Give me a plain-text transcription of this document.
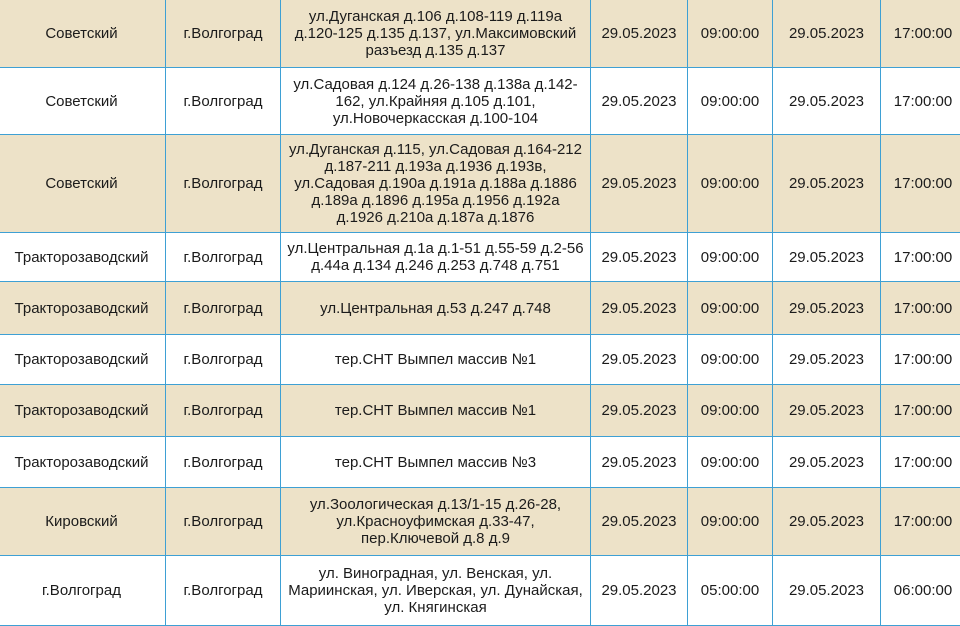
Советский	г.Волгоград	ул.Дуганская д.106 д.108-119 д.119а д.120-125 д.135 д.137, ул.Максимовский разъезд д.135 д.137	29.05.2023	09:00:00	29.05.2023	17:00:00
Советский	г.Волгоград	ул.Садовая д.124 д.26-138 д.138а д.142-162, ул.Крайняя д.105 д.101, ул.Новочеркасская д.100-104	29.05.2023	09:00:00	29.05.2023	17:00:00
Советский	г.Волгоград	ул.Дуганская д.115, ул.Садовая д.164-212 д.187-211 д.193а д.1936 д.193в, ул.Садовая д.190а д.191а д.188а д.1886 д.189а д.1896 д.195а д.1956 д.192а д.1926 д.210а д.187а д.1876	29.05.2023	09:00:00	29.05.2023	17:00:00
Тракторозаводский	г.Волгоград	ул.Центральная д.1а д.1-51 д.55-59 д.2-56 д.44а д.134 д.246 д.253 д.748 д.751	29.05.2023	09:00:00	29.05.2023	17:00:00
Тракторозаводский	г.Волгоград	ул.Центральная д.53 д.247 д.748	29.05.2023	09:00:00	29.05.2023	17:00:00
Тракторозаводский	г.Волгоград	тер.СНТ Вымпел массив №1	29.05.2023	09:00:00	29.05.2023	17:00:00
Тракторозаводский	г.Волгоград	тер.СНТ Вымпел массив №1	29.05.2023	09:00:00	29.05.2023	17:00:00
Тракторозаводский	г.Волгоград	тер.СНТ Вымпел массив №3	29.05.2023	09:00:00	29.05.2023	17:00:00
Кировский	г.Волгоград	ул.Зоологическая д.13/1-15 д.26-28, ул.Красноуфимская д.33-47, пер.Ключевой д.8 д.9	29.05.2023	09:00:00	29.05.2023	17:00:00
г.Волгоград	г.Волгоград	ул. Виноградная, ул. Венская, ул. Мариинская, ул. Иверская, ул. Дунайская, ул. Княгинская	29.05.2023	05:00:00	29.05.2023	06:00:00
